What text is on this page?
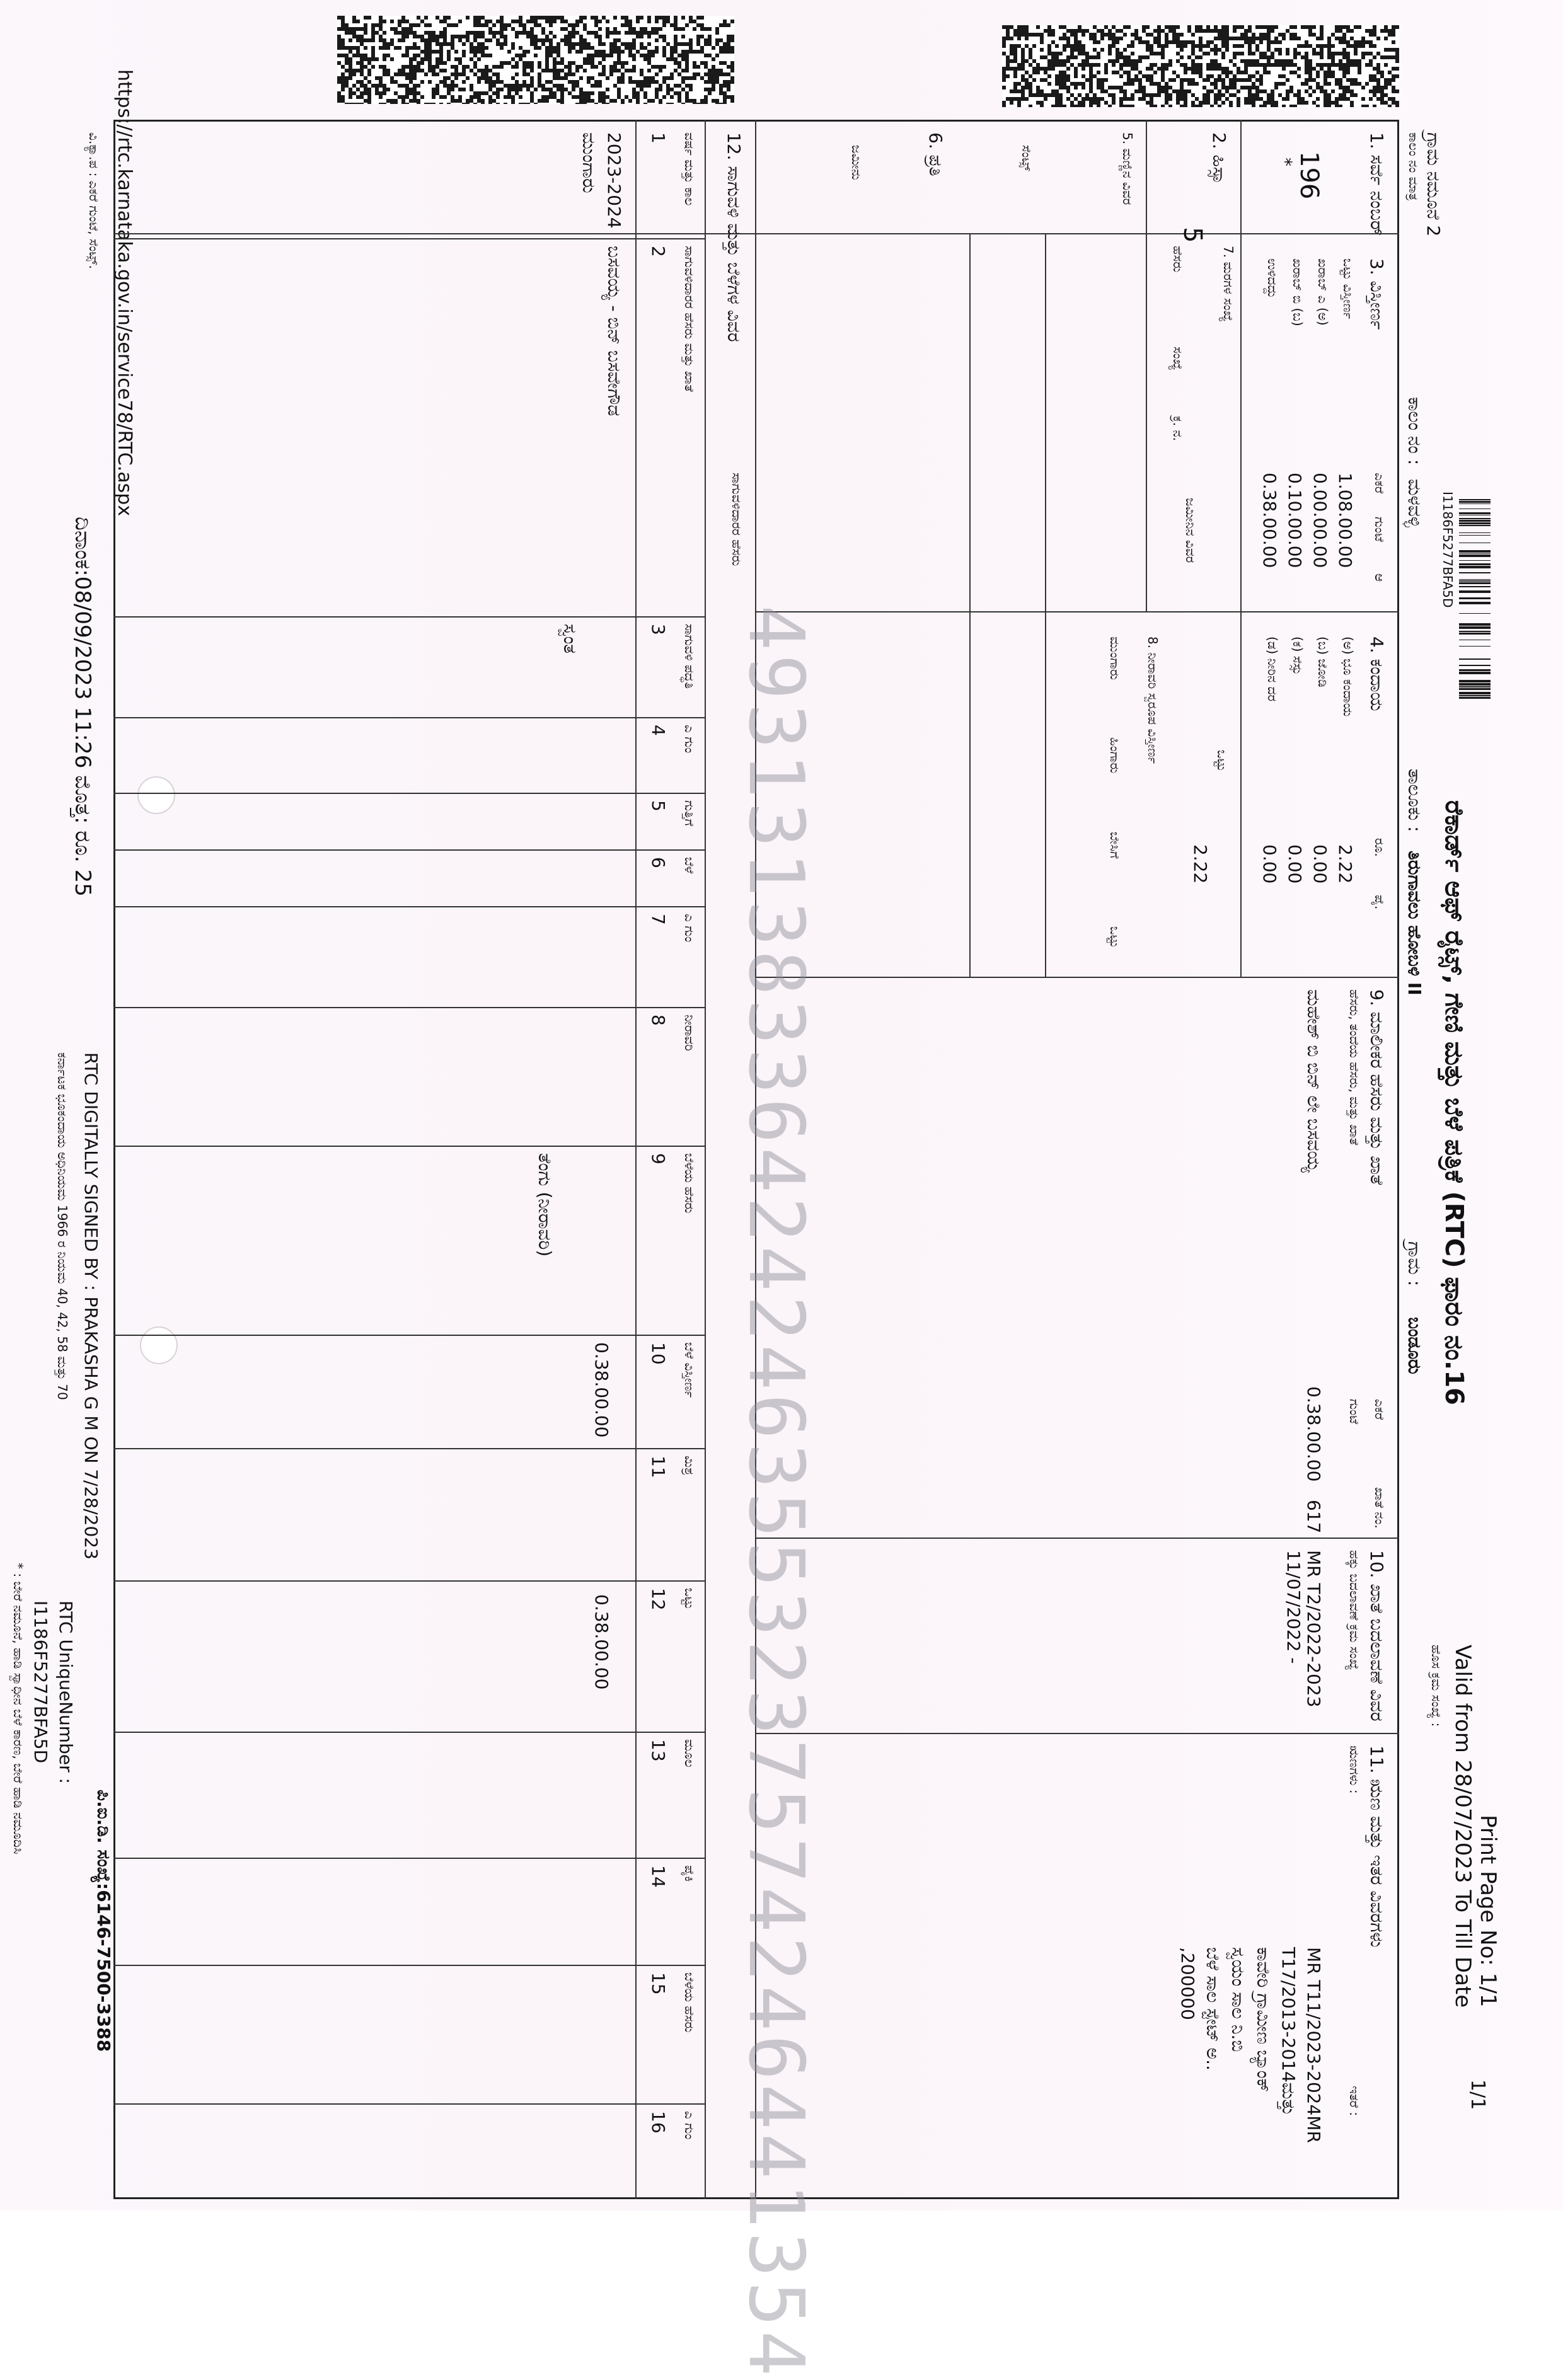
https://rtc.karnataka.gov.in/service78/RTC.aspx
1/1
ಗ್ರಾಮ ನಮೂನೆ 2
ಕಾಲಂ ನಂ ಮಾತ್ರ
ಕಾಲಂ ನಂ :
ಮಳವಳ್ಳಿ I1186F5277BFA5D
ರೆಕಾರ್ಡ್ ಆಫ್ ರೈಟ್ಸ್, ಗೇಣಿ ಮತ್ತು ಬೆಳೆ ಪತ್ರಿಕೆ (RTC) ಫಾರಂ ನಂ.16
ತಾಲೂಕು :
ತಿರುಗಾವಲು ಹೋಬಳಿ II
ಗ್ರಾಮ :
ಬಂಡೂರು
Print Page No: 1/1
Valid from 28/07/2023 To Till Date
ಹೊಸ ಕ್ರಮ ಸಂಖ್ಯೆ :
1. ಸರ್ವೆ ನಂಬರ್
196
*
2. ಹಿಸ್ಸಾ
5
5. ಮಣ್ಣಿನ ವಿವರ
ಸೆಂಟ್ಸ್
6. ಪ್ರತಿ
ಜಮೀನು
3. ವಿಸ್ತೀರ್ಣ
ಎಕರೆ
ಗುಂಟೆ
ಆ
ಒಟ್ಟು ವಿಸ್ತೀರ್ಣ
1.08.00.00
ಖರಾಬ್ ಎ (ಅ)
0.00.00.00
ಖರಾಬ್ ಬಿ (ಬ)
0.10.00.00
ಉಳಿದದ್ದು
0.38.00.00
4. ಕಂದಾಯ
ರೂ.
ಪೈ.
(ಅ) ಭೂ ಕಂದಾಯ
2.22
(ಬ) ಜೋಡಿ
0.00
(ಕ) ಸೆಸ್ಸು
0.00
(ಡ) ನೀರಿನ ದರ
0.00
ಒಟ್ಟು
2.22
7. ಮರಗಳ ಸಂಖ್ಯೆ
ಹೆಸರು
ಸಂಖ್ಯೆ
ಕ್ರ. ನ.
ಜಮೀನಿನ ವಿವರ
8. ನೀರಾವರಿ ಸ್ವರೂಪ ವಿಸ್ತೀರ್ಣ
ಮುಂಗಾರು
ಹಿಂಗಾರು
ಬೇಸಿಗೆ
ಒಟ್ಟು
9. ಮಾಲೀಕರ ಹೆಸರು ಮತ್ತು ಖಾತೆ
ಹೆಸರು, ತಂದೆಯ ಹೆಸರು, ಮತ್ತು ಖಾತೆ
ಎಕರೆ
ಗುಂಟೆ
ಖಾತೆ ನಂ.
ಮಹೇಶ್ ಬಿ ಬಿನ್ ಲೇ ಬಸವಯ್ಯ
0.38.00.00
617
10. ಖಾತೆ ಬದಲಾವಣೆ ವಿವರ
ಹಕ್ಕು ಬದಲಾವಣೆ ಕ್ರಮ ಸಂಖ್ಯೆ
MR T2/2022-2023 11/07/2022 -
11. ಋಣ ಮತ್ತು ಇತರ ವಿವರಗಳು
ಋಣಗಳು :
ಇತರೆ :
MR T11/2023-2024MR
T17/2013-2014ಮತ್ತು
ಕಾವೇರಿ ಗ್ರಾಮೀಣ ಬ್ಯಾಂಕ್
ಸ್ವಯಂ ಸಾಲ ನಿ.ಬಿ
ಬೆಳೆ ಸಾಲ ಸ್ಟೇಟ್ ಅ..
,200000
12. ಸಾಗುವಳಿ ಮತ್ತು ಬೆಳೆಗಳ ವಿವರ
ಸಾಗುವಳಿದಾರರ ಹೆಸರು
1 ವರ್ಷ ಮತ್ತು ಕಾಲ
2 ಸಾಗುವಳಿದಾರರ ಹೆಸರು ಮತ್ತು ಖಾತೆ
3 ಸಾಗುವಳಿ ಪದ್ಧತಿ
4 ಎ ಗುಂ
5 ಗುತ್ತಿಗೆ
6 ಬೆಳೆ
7 ಎ ಗುಂ
8 ನೀರಾವರಿ
9 ಬೆಳೆಯ ಹೆಸರು
10 ಬೆಳೆ ವಿಸ್ತೀರ್ಣ
11 ಮಿಶ್ರ
12 ಒಟ್ಟು
13 ಮೂಲ
14 ಪೈಕಿ
15 ಬೆಳೆಯ ಹೆಸರು
16 ಎ ಗುಂ
2023-2024
ಮುಂಗಾರು
ಬಸವಯ್ಯ - ಬಿನ್ ಬಸವೇಗೌಡ
ಸ್ವಂತ
ತೆಂಗು (ನೀರಾವರಿ)
0.38.00.00
0.38.00.00
ವಿ.ಕ್ಯಾ.ಪ : ಎಕರೆ ಗುಂಟೆ, ಸೆಂಟ್ಸ್.
ದಿನಾಂಕ:08/09/2023 11:26 ಮೊತ್ತ: ರೂ. 25
RTC DIGITALLY SIGNED BY : PRAKASHA G M ON 7/28/2023
ಕರ್ನಾಟಕ ಭೂಕಂದಾಯ ಅಧಿನಿಯಮ 1966 ರ ನಿಯಮ 40, 42, 58 ಮತ್ತು 70
RTC UniqueNumber :
I1186F5277BFA5D
ಪಿ.ಐ.ಡಿ. ಸಂಖ್ಯೆ:6146-7500-3388
* : ಬೇರೆ ನಮೂನೆ, ಹಾಡಿ ಸ್ವಾಧೀನ ಬೆಳೆ ಕಾರಣ, ಬೇರೆ ಹಾಡಿ ನಮೂದಿಸಿ	493131383364242463553237574246441354
